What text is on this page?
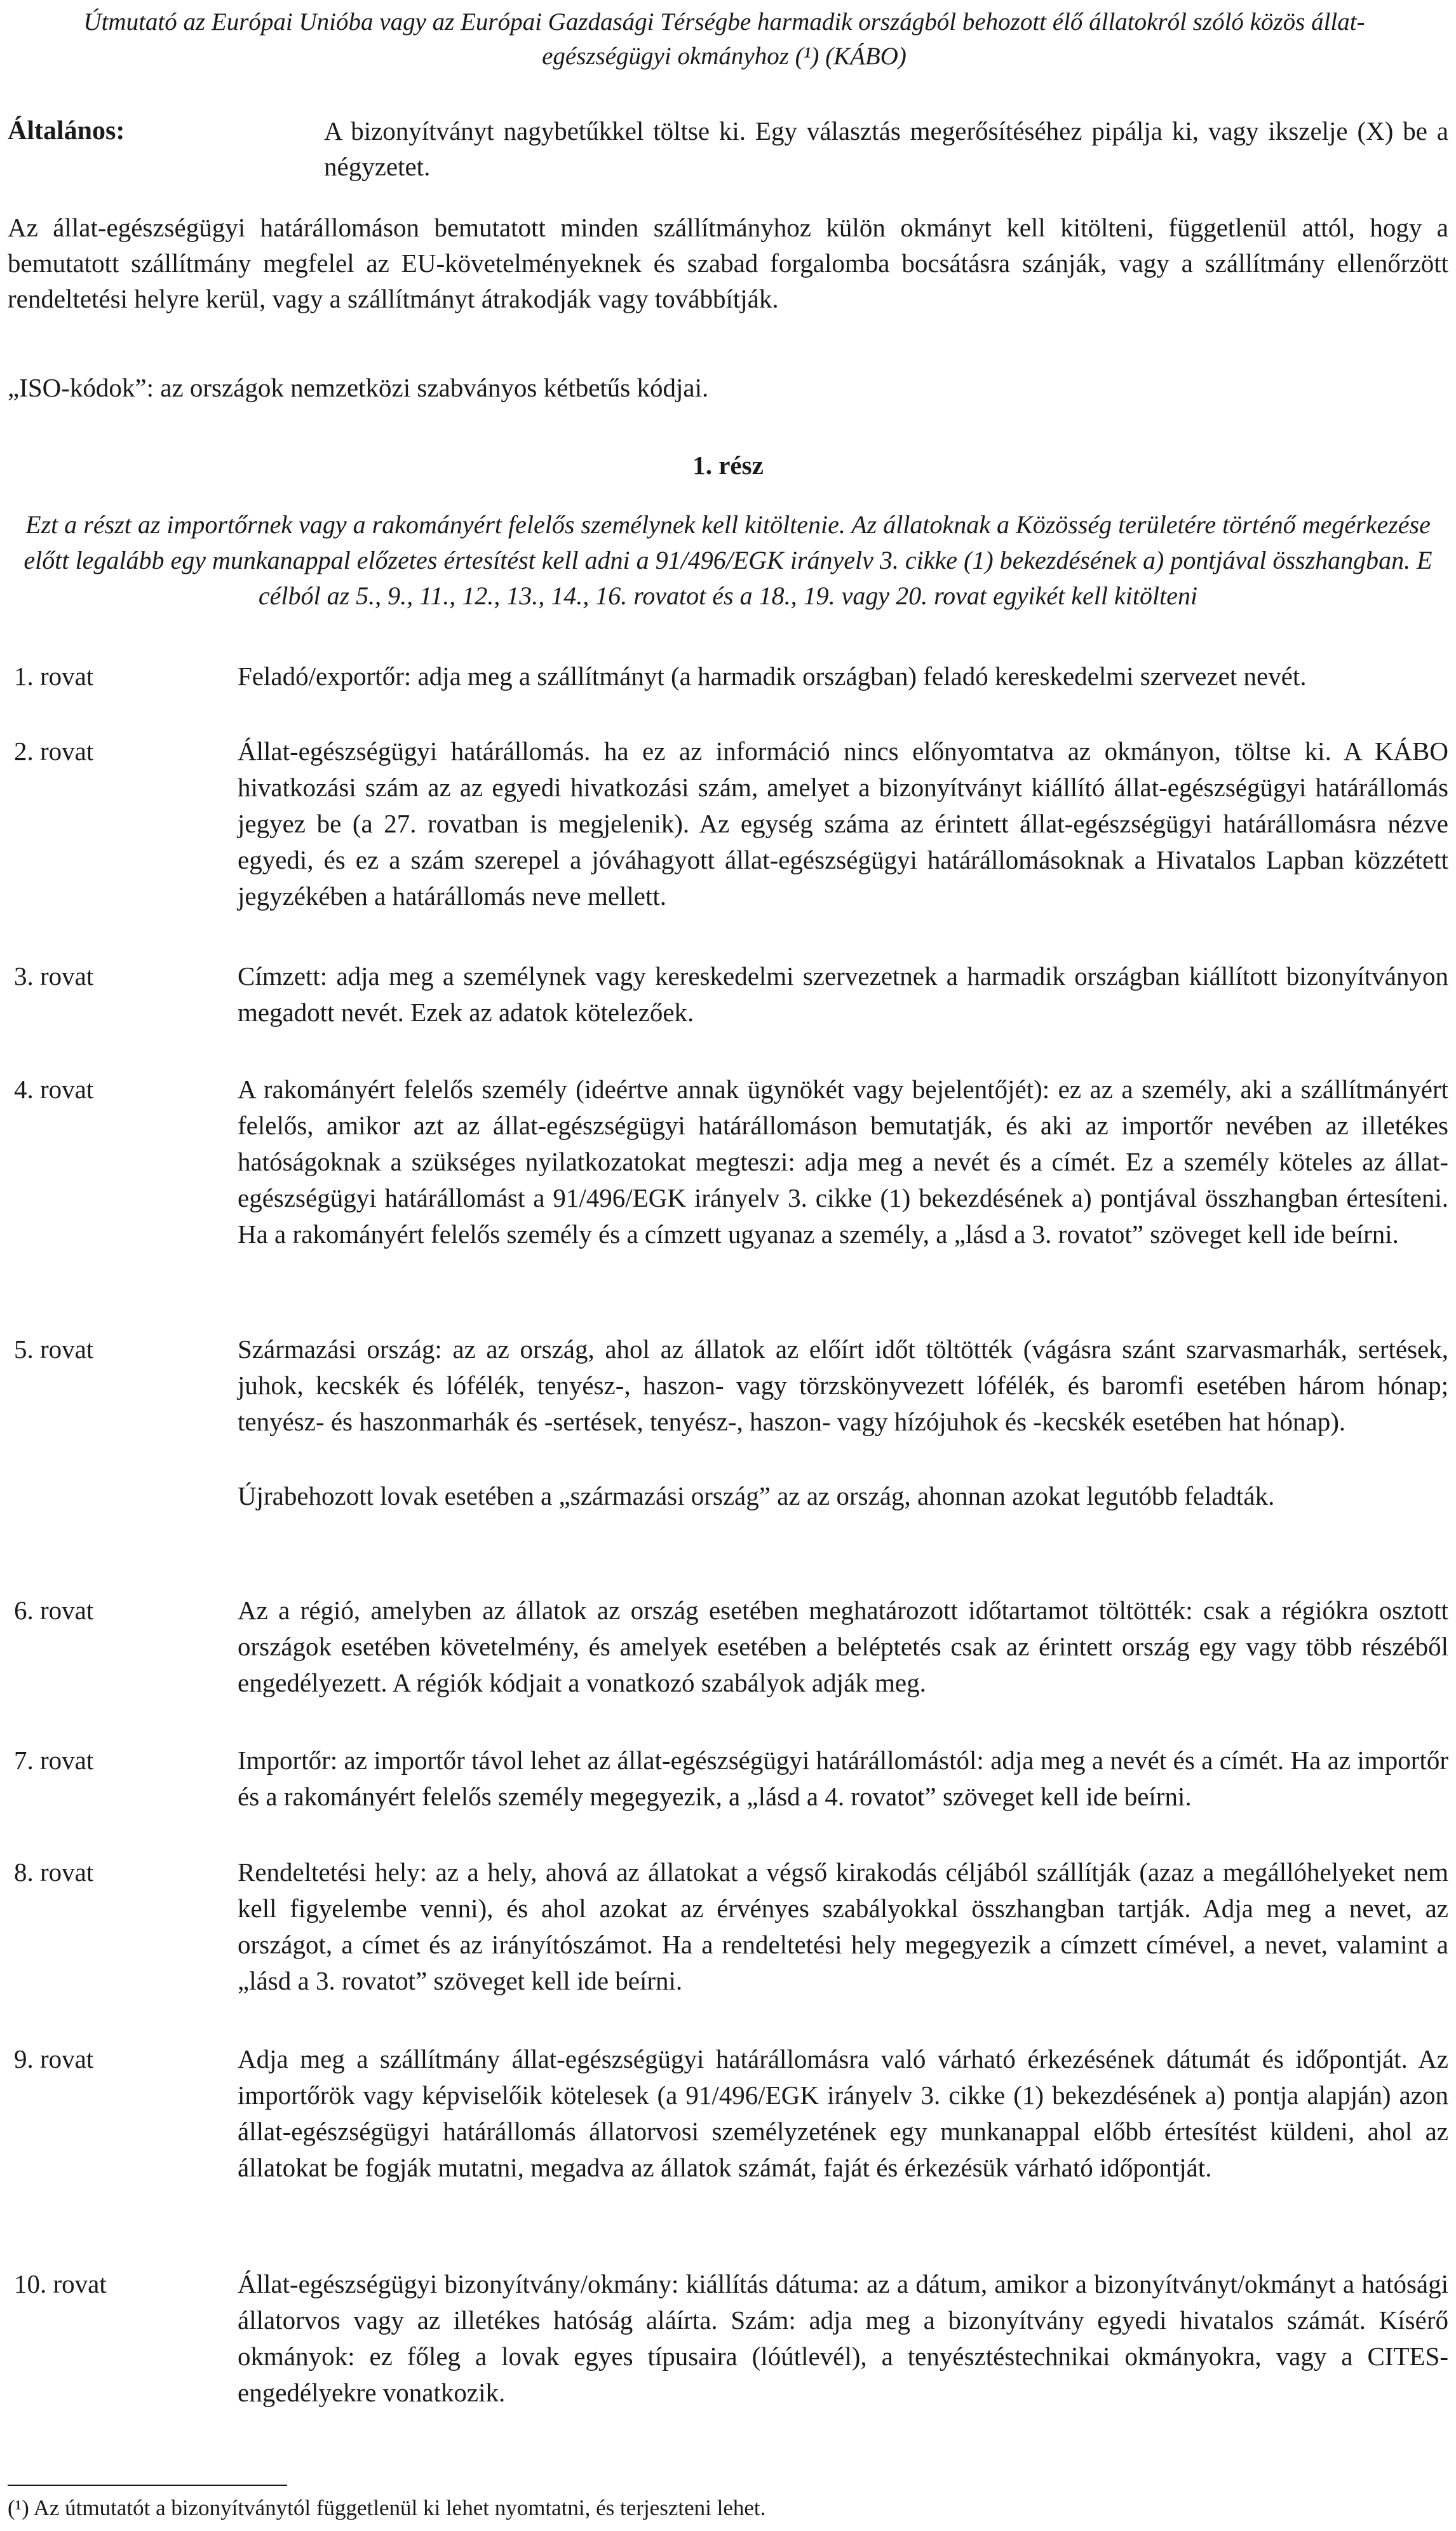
Útmutató az Európai Unióba vagy az Európai Gazdasági Térségbe harmadik országból behozott élő állatokról szóló közös állat-egészségügyi okmányhoz (¹) (KÁBO)
Általános:	A bizonyítványt nagybetűkkel töltse ki. Egy választás megerősítéséhez pipálja ki, vagy ikszelje (X) be a négyzetet.

Az állat-egészségügyi határállomáson bemutatott minden szállítmányhoz külön okmányt kell kitölteni, függetlenül attól, hogy a bemutatott szállítmány megfelel az EU-követelményeknek és szabad forgalomba bocsátásra szánják, vagy a szállítmány ellenőrzött rendeltetési helyre kerül, vagy a szállítmányt átrakodják vagy továbbítják.

„ISO-kódok”: az országok nemzetközi szabványos kétbetűs kódjai.

1. rész
Ezt a részt az importőrnek vagy a rakományért felelős személynek kell kitöltenie. Az állatoknak a Közösség területére történő megérkezése előtt legalább egy munkanappal előzetes értesítést kell adni a 91/496/EGK irányelv 3. cikke (1) bekezdésének a) pontjával összhangban. E célból az 5., 9., 11., 12., 13., 14., 16. rovatot és a 18., 19. vagy 20. rovat egyikét kell kitölteni
1. rovat	Feladó/exportőr: adja meg a szállítmányt (a harmadik országban) feladó kereskedelmi szervezet nevét.

2. rovat	Állat-egészségügyi határállomás. ha ez az információ nincs előnyomtatva az okmányon, töltse ki. A KÁBO hivatkozási szám az az egyedi hivatkozási szám, amelyet a bizonyítványt kiállító állat-egészségügyi határállomás jegyez be (a 27. rovatban is megjelenik). Az egység száma az érintett állat-egészségügyi határállomásra nézve egyedi, és ez a szám szerepel a jóváhagyott állat-egészségügyi határállomásoknak a Hivatalos Lapban közzétett jegyzékében a határállomás neve mellett.

3. rovat	Címzett: adja meg a személynek vagy kereskedelmi szervezetnek a harmadik országban kiállított bizonyítványon megadott nevét. Ezek az adatok kötelezőek.

4. rovat	A rakományért felelős személy (ideértve annak ügynökét vagy bejelentőjét): ez az a személy, aki a szállítmányért felelős, amikor azt az állat-egészségügyi határállomáson bemutatják, és aki az importőr nevében az illetékes hatóságoknak a szükséges nyilatkozatokat megteszi: adja meg a nevét és a címét. Ez a személy köteles az állat-egészségügyi határállomást a 91/496/EGK irányelv 3. cikke (1) bekezdésének a) pontjával összhangban értesíteni. Ha a rakományért felelős személy és a címzett ugyanaz a személy, a „lásd a 3. rovatot” szöveget kell ide beírni.

5. rovat	Származási ország: az az ország, ahol az állatok az előírt időt töltötték (vágásra szánt szarvasmarhák, sertések, juhok, kecskék és lófélék, tenyész-, haszon- vagy törzskönyvezett lófélék, és baromfi esetében három hónap; tenyész- és haszonmarhák és -sertések, tenyész-, haszon- vagy hízójuhok és -kecskék esetében hat hónap).

Újrabehozott lovak esetében a „származási ország” az az ország, ahonnan azokat legutóbb feladták.

6. rovat	Az a régió, amelyben az állatok az ország esetében meghatározott időtartamot töltötték: csak a régiókra osztott országok esetében követelmény, és amelyek esetében a beléptetés csak az érintett ország egy vagy több részéből engedélyezett. A régiók kódjait a vonatkozó szabályok adják meg.

7. rovat	Importőr: az importőr távol lehet az állat-egészségügyi határállomástól: adja meg a nevét és a címét. Ha az importőr és a rakományért felelős személy megegyezik, a „lásd a 4. rovatot” szöveget kell ide beírni.

8. rovat	Rendeltetési hely: az a hely, ahová az állatokat a végső kirakodás céljából szállítják (azaz a megállóhelyeket nem kell figyelembe venni), és ahol azokat az érvényes szabályokkal összhangban tartják. Adja meg a nevet, az országot, a címet és az irányítószámot. Ha a rendeltetési hely megegyezik a címzett címével, a nevet, valamint a „lásd a 3. rovatot” szöveget kell ide beírni.

9. rovat	Adja meg a szállítmány állat-egészségügyi határállomásra való várható érkezésének dátumát és időpontját. Az importőrök vagy képviselőik kötelesek (a 91/496/EGK irányelv 3. cikke (1) bekezdésének a) pontja alapján) azon állat-egészségügyi határállomás állatorvosi személyzetének egy munkanappal előbb értesítést küldeni, ahol az állatokat be fogják mutatni, megadva az állatok számát, faját és érkezésük várható időpontját.

10. rovat	Állat-egészségügyi bizonyítvány/okmány: kiállítás dátuma: az a dátum, amikor a bizonyítványt/okmányt a hatósági állatorvos vagy az illetékes hatóság aláírta. Szám: adja meg a bizonyítvány egyedi hivatalos számát. Kísérő okmányok: ez főleg a lovak egyes típusaira (lóútlevél), a tenyésztéstechnikai okmányokra, vagy a CITES-engedélyekre vonatkozik.

(¹) Az útmutatót a bizonyítványtól függetlenül ki lehet nyomtatni, és terjeszteni lehet.
